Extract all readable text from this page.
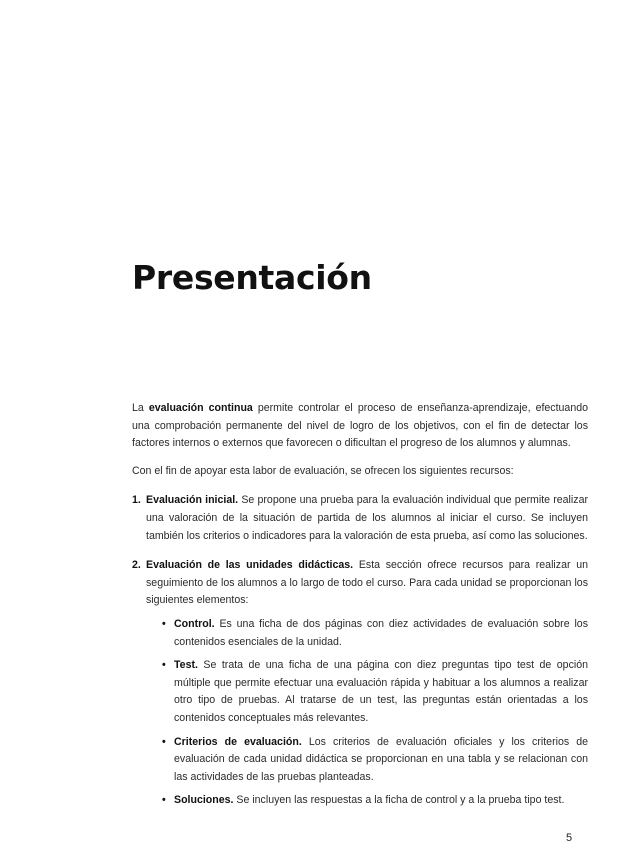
Presentación

La evaluación continua permite controlar el proceso de enseñanza-aprendizaje, efectuando una comprobación permanente del nivel de logro de los objetivos, con el fin de detectar los factores internos o externos que favorecen o dificultan el progreso de los alumnos y alumnas.

Con el fin de apoyar esta labor de evaluación, se ofrecen los siguientes recursos:

1. Evaluación inicial. Se propone una prueba para la evaluación individual que permite realizar una valoración de la situación de partida de los alumnos al iniciar el curso. Se incluyen también los criterios o indicadores para la valoración de esta prueba, así como las soluciones.

2. Evaluación de las unidades didácticas. Esta sección ofrece recursos para realizar un seguimiento de los alumnos a lo largo de todo el curso. Para cada unidad se proporcionan los siguientes elementos:

• Control. Es una ficha de dos páginas con diez actividades de evaluación sobre los contenidos esenciales de la unidad.
• Test. Se trata de una ficha de una página con diez preguntas tipo test de opción múltiple que permite efectuar una evaluación rápida y habituar a los alumnos a realizar otro tipo de pruebas. Al tratarse de un test, las preguntas están orientadas a los contenidos conceptuales más relevantes.
• Criterios de evaluación. Los criterios de evaluación oficiales y los criterios de evaluación de cada unidad didáctica se proporcionan en una tabla y se relacionan con las actividades de las pruebas planteadas.
• Soluciones. Se incluyen las respuestas a la ficha de control y a la prueba tipo test.
5
